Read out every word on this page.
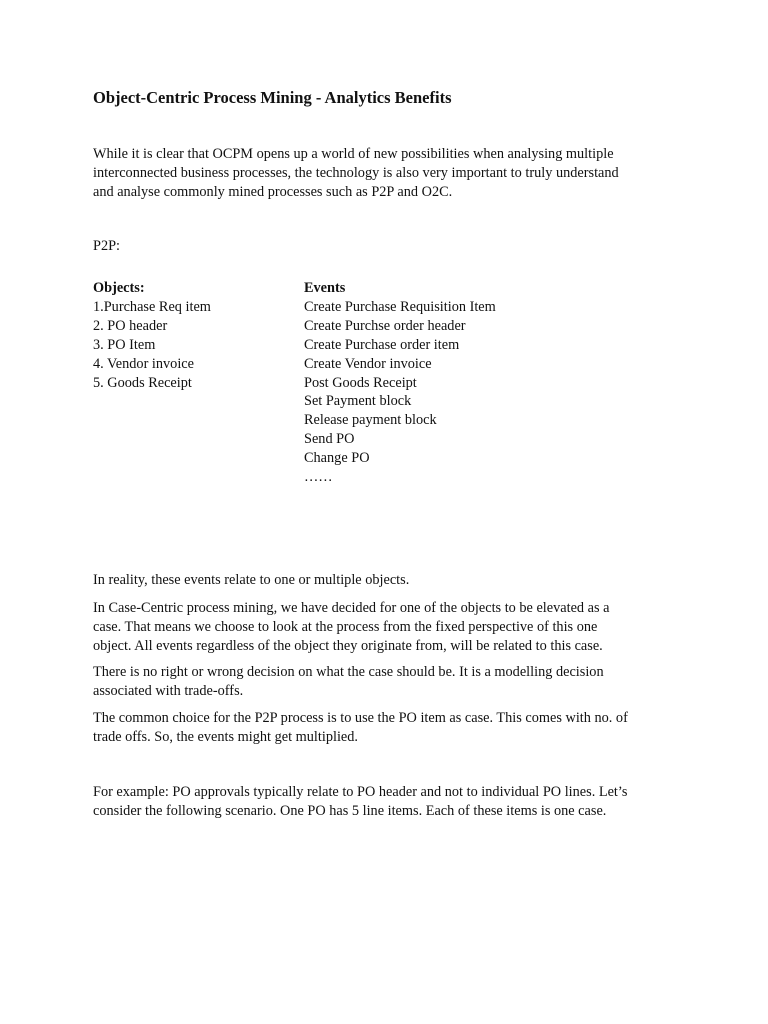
Object-Centric Process Mining - Analytics Benefits

While it is clear that OCPM opens up a world of new possibilities when analysing multiple
interconnected business processes, the technology is also very important to truly understand
and analyse commonly mined processes such as P2P and O2C.

P2P:

Objects:
1.Purchase Req item
2. PO header
3. PO Item
4. Vendor invoice
5. Goods Receipt
Events
Create Purchase Requisition Item
Create Purchse order header
Create Purchase order item
Create Vendor invoice
Post Goods Receipt
Set Payment block
Release payment block
Send PO
Change PO
……

In reality, these events relate to one or multiple objects.

In Case-Centric process mining, we have decided for one of the objects to be elevated as a
case. That means we choose to look at the process from the fixed perspective of this one
object. All events regardless of the object they originate from, will be related to this case.

There is no right or wrong decision on what the case should be. It is a modelling decision
associated with trade-offs.

The common choice for the P2P process is to use the PO item as case. This comes with no. of
trade offs. So, the events might get multiplied.

For example: PO approvals typically relate to PO header and not to individual PO lines. Let’s
consider the following scenario. One PO has 5 line items. Each of these items is one case.
